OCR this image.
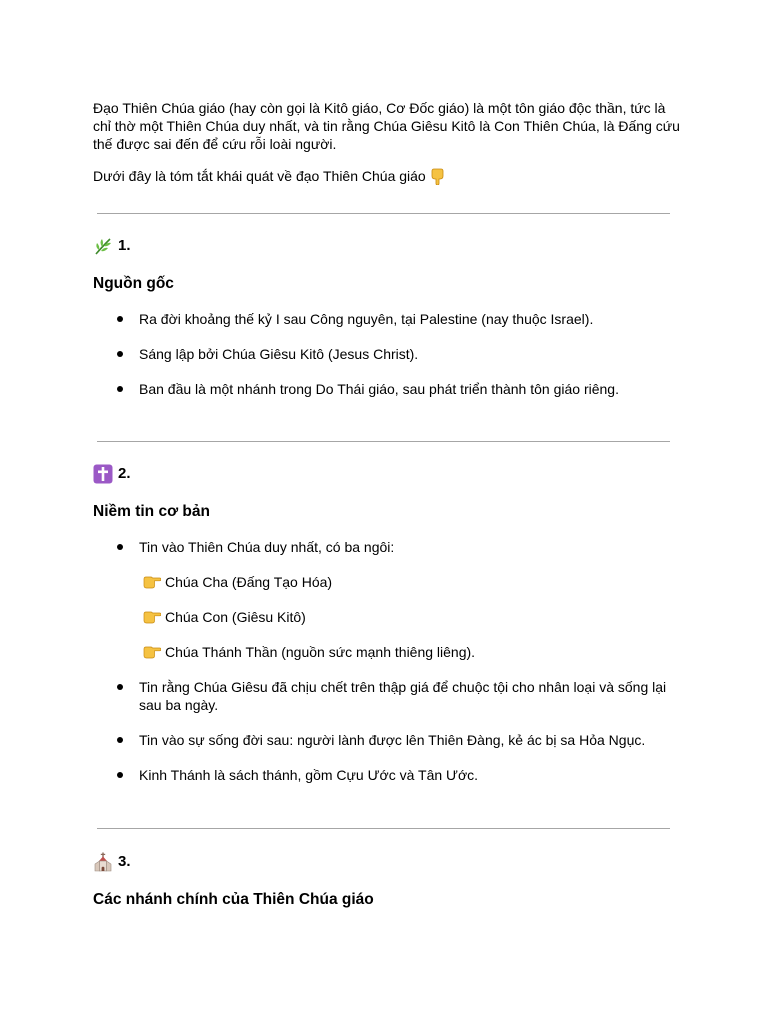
Đạo Thiên Chúa giáo (hay còn gọi là Kitô giáo, Cơ Đốc giáo) là một tôn giáo độc thần, tức là chỉ thờ một Thiên Chúa duy nhất, và tin rằng Chúa Giêsu Kitô là Con Thiên Chúa, là Đấng cứu thế được sai đến để cứu rỗi loài người.

Dưới đây là tóm tắt khái quát về đạo Thiên Chúa giáo

1.
Nguồn gốc
Ra đời khoảng thế kỷ I sau Công nguyên, tại Palestine (nay thuộc Israel).
Sáng lập bởi Chúa Giêsu Kitô (Jesus Christ).
Ban đầu là một nhánh trong Do Thái giáo, sau phát triển thành tôn giáo riêng.
2.
Niềm tin cơ bản
Tin vào Thiên Chúa duy nhất, có ba ngôi:
Chúa Cha (Đấng Tạo Hóa)
Chúa Con (Giêsu Kitô)
Chúa Thánh Thần (nguồn sức mạnh thiêng liêng).
Tin rằng Chúa Giêsu đã chịu chết trên thập giá để chuộc tội cho nhân loại và sống lại sau ba ngày.
Tin vào sự sống đời sau: người lành được lên Thiên Đàng, kẻ ác bị sa Hỏa Ngục.
Kinh Thánh là sách thánh, gồm Cựu Ước và Tân Ước.
3.
Các nhánh chính của Thiên Chúa giáo
